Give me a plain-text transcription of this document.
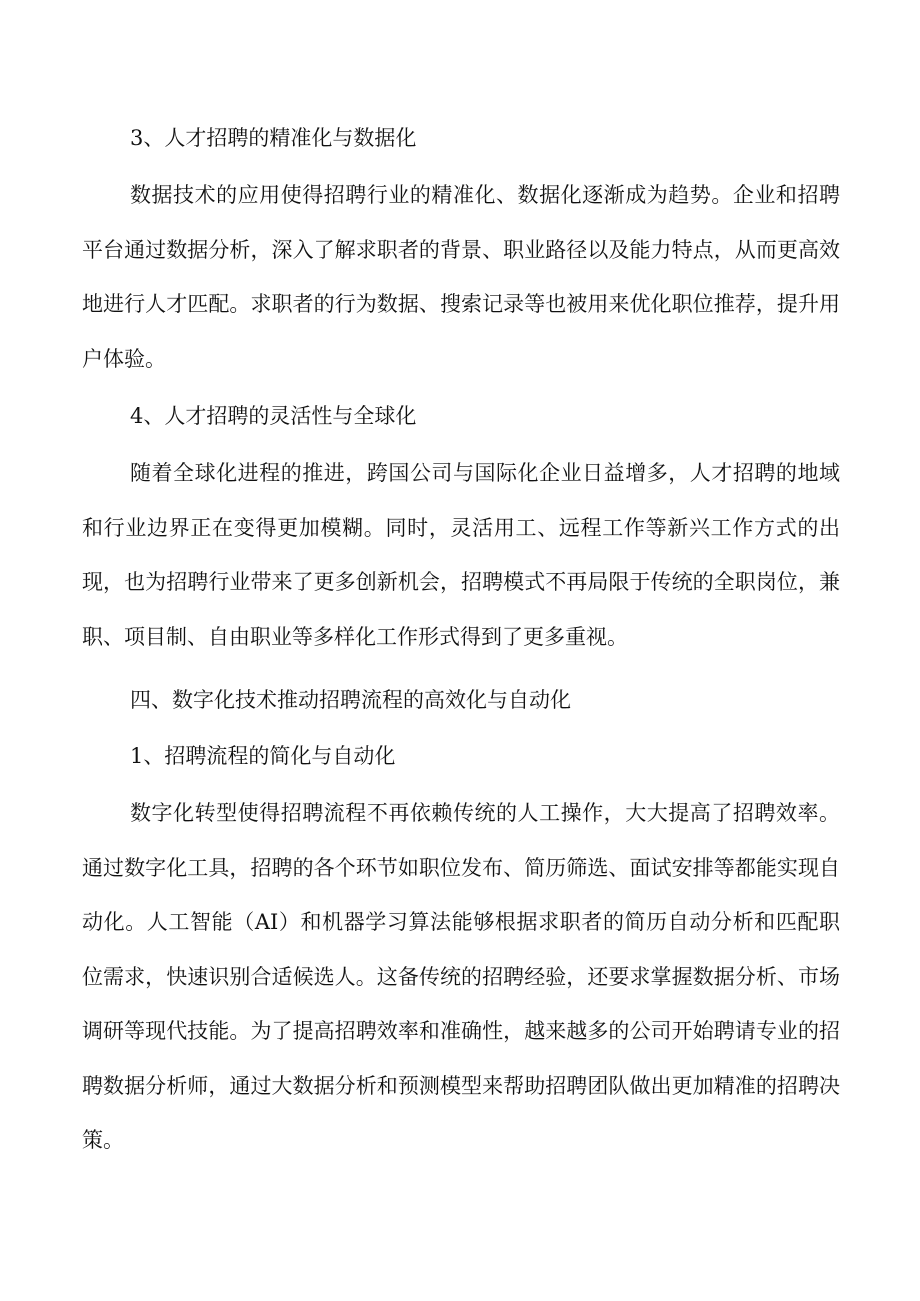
3、人才招聘的精准化与数据化

数据技术的应用使得招聘行业的精准化、数据化逐渐成为趋势。企业和招聘平台通过数据分析，深入了解求职者的背景、职业路径以及能力特点，从而更高效地进行人才匹配。求职者的行为数据、搜索记录等也被用来优化职位推荐，提升用户体验。

4、人才招聘的灵活性与全球化

随着全球化进程的推进，跨国公司与国际化企业日益增多，人才招聘的地域和行业边界正在变得更加模糊。同时，灵活用工、远程工作等新兴工作方式的出现，也为招聘行业带来了更多创新机会，招聘模式不再局限于传统的全职岗位，兼职、项目制、自由职业等多样化工作形式得到了更多重视。

四、数字化技术推动招聘流程的高效化与自动化
1、招聘流程的简化与自动化

数字化转型使得招聘流程不再依赖传统的人工操作，大大提高了招聘效率。通过数字化工具，招聘的各个环节如职位发布、简历筛选、面试安排等都能实现自动化。人工智能（AI）和机器学习算法能够根据求职者的简历自动分析和匹配职位需求，快速识别合适候选人。这备传统的招聘经验，还要求掌握数据分析、市场调研等现代技能。为了提高招聘效率和准确性，越来越多的公司开始聘请专业的招聘数据分析师，通过大数据分析和预测模型来帮助招聘团队做出更加精准的招聘决策。
